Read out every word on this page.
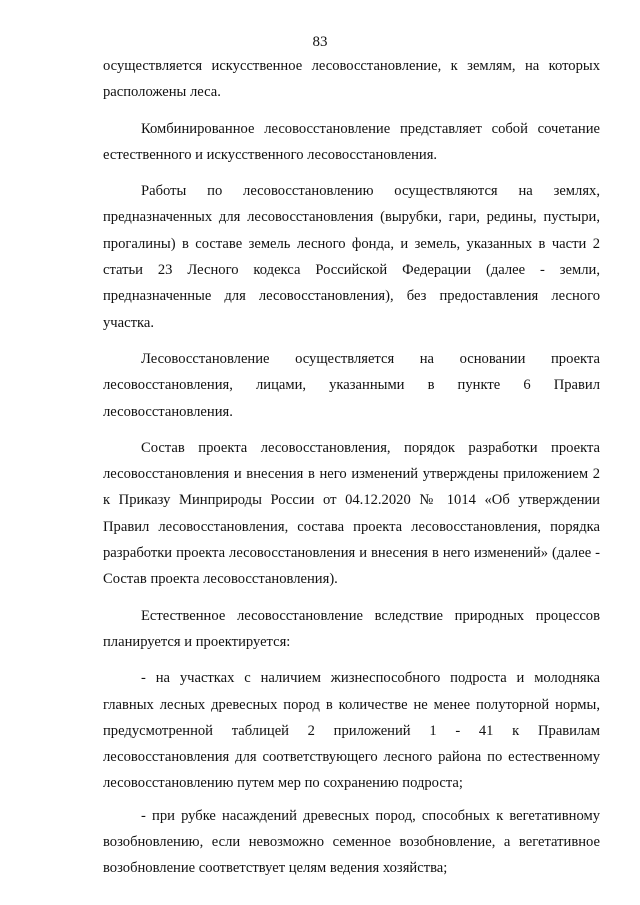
83

осуществляется искусственное лесовосстановление, к землям, на которых расположены леса.

Комбинированное лесовосстановление представляет собой сочетание естественного и искусственного лесовосстановления.

Работы по лесовосстановлению осуществляются на землях, предназначенных для лесовосстановления (вырубки, гари, редины, пустыри, прогалины) в составе земель лесного фонда, и земель, указанных в части 2 статьи 23 Лесного кодекса Российской Федерации (далее - земли, предназначенные для лесовосстановления), без предоставления лесного участка.

Лесовосстановление осуществляется на основании проекта лесовосстановления, лицами, указанными в пункте 6 Правил лесовосстановления.

Состав проекта лесовосстановления, порядок разработки проекта лесовосстановления и внесения в него изменений утверждены приложением 2 к Приказу Минприроды России от 04.12.2020 № 1014 «Об утверждении Правил лесовосстановления, состава проекта лесовосстановления, порядка разработки проекта лесовосстановления и внесения в него изменений» (далее - Состав проекта лесовосстановления).

Естественное лесовосстановление вследствие природных процессов планируется и проектируется:

- на участках с наличием жизнеспособного подроста и молодняка главных лесных древесных пород в количестве не менее полуторной нормы, предусмотренной таблицей 2 приложений 1 - 41 к Правилам лесовосстановления для соответствующего лесного района по естественному лесовосстановлению путем мер по сохранению подроста;

- при рубке насаждений древесных пород, способных к вегетативному возобновлению, если невозможно семенное возобновление, а вегетативное возобновление соответствует целям ведения хозяйства;
